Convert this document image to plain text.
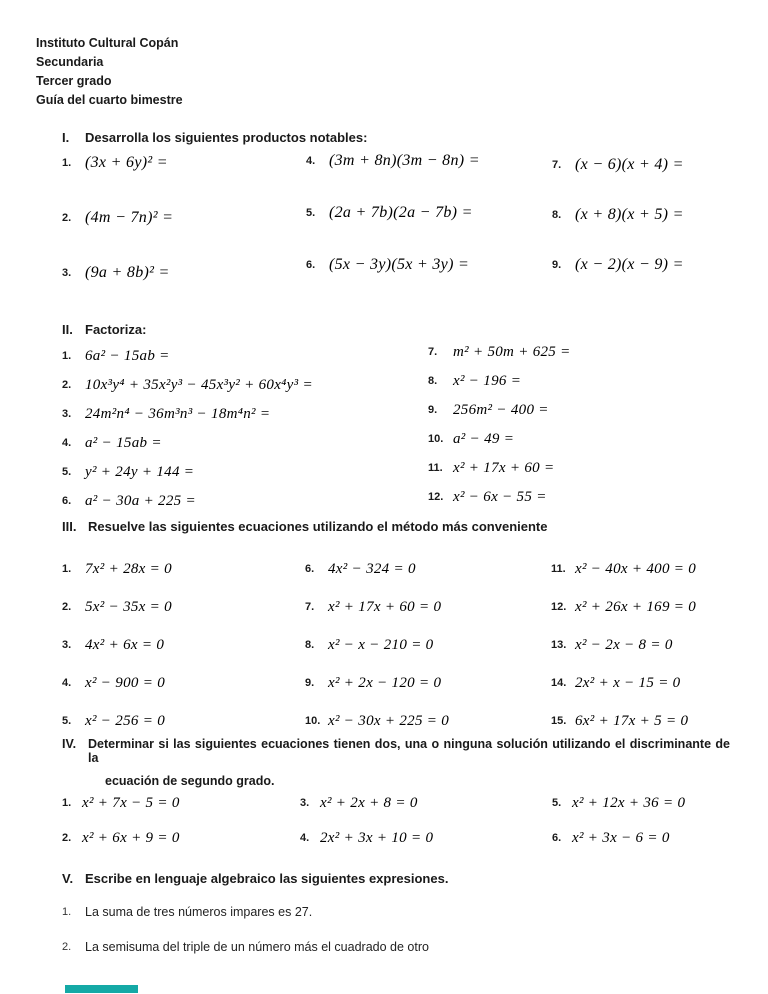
Instituto Cultural Copán
Secundaria
Tercer grado
Guía del cuarto bimestre
I.	Desarrolla los siguientes productos notables:
1. (3x + 6y)² =
2. (4m − 7n)² =
3. (9a + 8b)² =
4. (3m + 8n)(3m − 8n) =
5. (2a + 7b)(2a − 7b) =
6. (5x − 3y)(5x + 3y) =
7. (x − 6)(x + 4) =
8. (x + 8)(x + 5) =
9. (x − 2)(x − 9) =
II. Factoriza:
1. 6a² − 15ab =
2. 10x³y⁴ + 35x²y³ − 45x³y² + 60x⁴y³ =
3. 24m²n⁴ − 36m³n³ − 18m⁴n² =
4. a² − 15ab =
5. y² + 24y + 144 =
6. a² − 30a + 225 =
7.	m² + 50m + 625 =
8.	x² − 196 =
9.	256m² − 400 =
10. a² − 49 =
11. x² + 17x + 60 =
12. x² − 6x − 55 =
III. Resuelve las siguientes ecuaciones utilizando el método más conveniente
1. 7x² + 28x = 0
2. 5x² − 35x = 0
3. 4x² + 6x = 0
4. x² − 900 = 0
5. x² − 256 = 0
6. 4x² − 324 = 0
7. x² + 17x + 60 = 0
8. x² − x − 210 = 0
9. x² + 2x − 120 = 0
10. x² − 30x + 225 = 0
11. x² − 40x + 400 = 0
12. x² + 26x + 169 = 0
13. x² − 2x − 8 = 0
14. 2x² + x − 15 = 0
15. 6x² + 17x + 5 = 0
IV. Determinar si las siguientes ecuaciones tienen dos, una o ninguna solución utilizando el discriminante de la
ecuación de segundo grado.
1. x² + 7x − 5 = 0
2. x² + 6x + 9 = 0
3. x² + 2x + 8 = 0
4. 2x² + 3x + 10 = 0
5. x² + 12x + 36 = 0
6. x² + 3x − 6 = 0
V. Escribe en lenguaje algebraico las siguientes expresiones.
1.	La suma de tres números impares es 27.
2.	La semisuma del triple de un número más el cuadrado de otro
